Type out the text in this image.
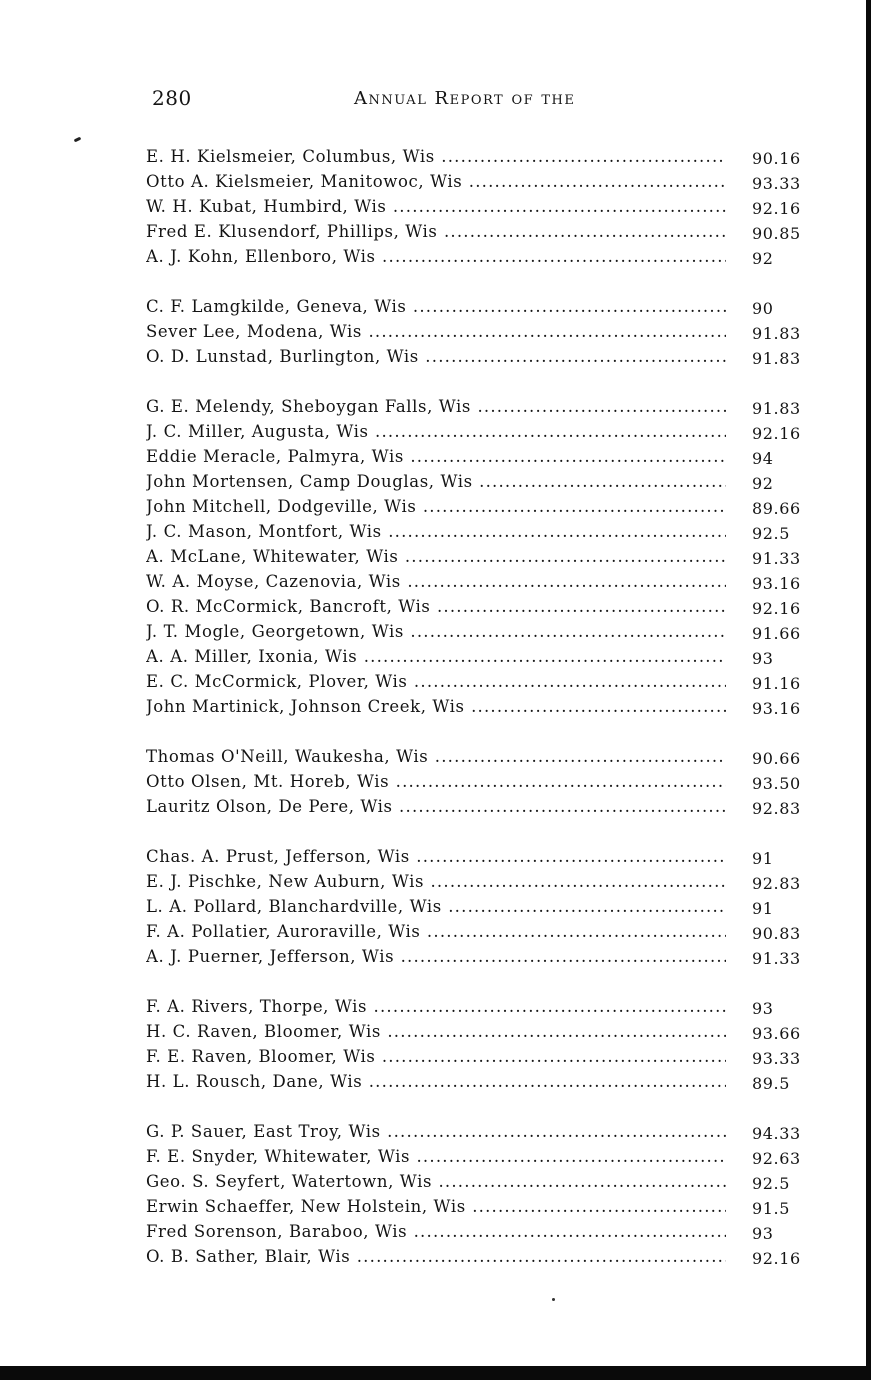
280	Annual Report of the
E. H. Kielsmeier, Columbus, Wis .....	90.16
Otto A. Kielsmeier, Manitowoc, Wis .....	93.33
W. H. Kubat, Humbird, Wis .....	92.16
Fred E. Klusendorf, Phillips, Wis .....	90.85
A. J. Kohn, Ellenboro, Wis .....	92
C. F. Lamgkilde, Geneva, Wis .....	90
Sever Lee, Modena, Wis .....	91.83
O. D. Lunstad, Burlington, Wis .....	91.83
G. E. Melendy, Sheboygan Falls, Wis .....	91.83
J. C. Miller, Augusta, Wis .....	92.16
Eddie Meracle, Palmyra, Wis .....	94
John Mortensen, Camp Douglas, Wis .....	92
John Mitchell, Dodgeville, Wis .....	89.66
J. C. Mason, Montfort, Wis .....	92.5
A. McLane, Whitewater, Wis .....	91.33
W. A. Moyse, Cazenovia, Wis .....	93.16
O. R. McCormick, Bancroft, Wis .....	92.16
J. T. Mogle, Georgetown, Wis .....	91.66
A. A. Miller, Ixonia, Wis .....	93
E. C. McCormick, Plover, Wis .....	91.16
John Martinick, Johnson Creek, Wis .....	93.16
Thomas O'Neill, Waukesha, Wis .....	90.66
Otto Olsen, Mt. Horeb, Wis .....	93.50
Lauritz Olson, De Pere, Wis .....	92.83
Chas. A. Prust, Jefferson, Wis .....	91
E. J. Pischke, New Auburn, Wis .....	92.83
L. A. Pollard, Blanchardville, Wis .....	91
F. A. Pollatier, Auroraville, Wis .....	90.83
A. J. Puerner, Jefferson, Wis .....	91.33
F. A. Rivers, Thorpe, Wis .....	93
H. C. Raven, Bloomer, Wis .....	93.66
F. E. Raven, Bloomer, Wis .....	93.33
H. L. Rousch, Dane, Wis .....	89.5
G. P. Sauer, East Troy, Wis .....	94.33
F. E. Snyder, Whitewater, Wis .....	92.63
Geo. S. Seyfert, Watertown, Wis .....	92.5
Erwin Schaeffer, New Holstein, Wis .....	91.5
Fred Sorenson, Baraboo, Wis .....	93
O. B. Sather, Blair, Wis .....	92.16
